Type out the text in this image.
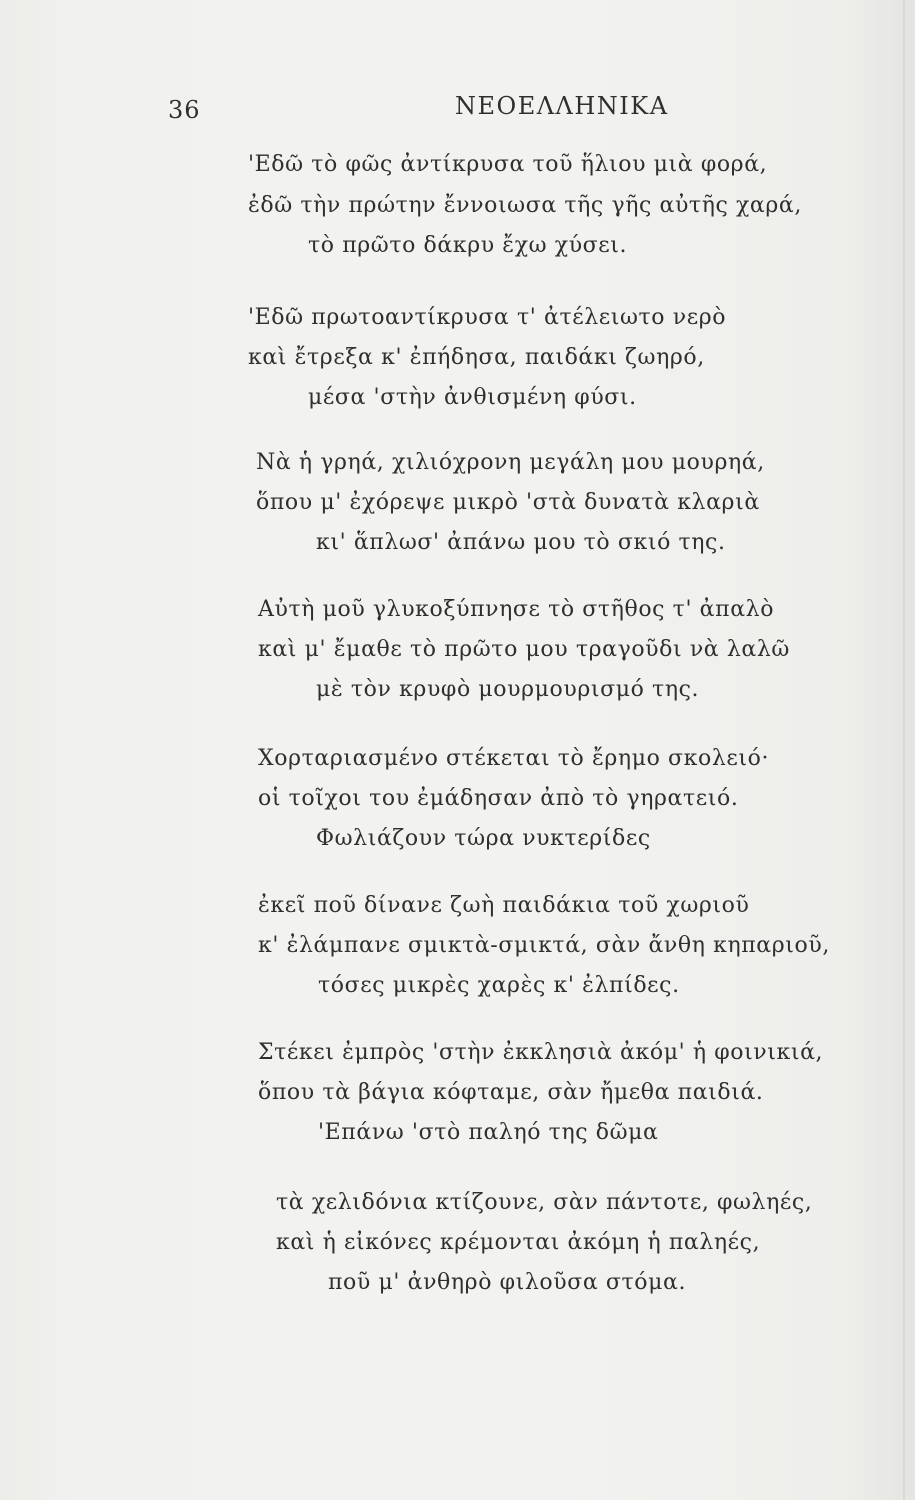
36	ΝΕΟΕΛΛΗΝΙΚΑ
'Εδῶ τὸ φῶς ἀντίκρυσα τοῦ ἥλιου μιὰ φορά,
ἐδῶ τὴν πρώτην ἔννοιωσα τῆς γῆς αὐτῆς χαρά,
τὸ πρῶτο δάκρυ ἔχω χύσει.
'Εδῶ πρωτοαντίκρυσα τ' ἀτέλειωτο νερὸ
καὶ ἔτρεξα κ' ἐπήδησα, παιδάκι ζωηρό,
μέσα 'στὴν ἀνθισμένη φύσι.
Νὰ ἡ γρηά, χιλιόχρονη μεγάλη μου μουρηά,
ὅπου μ' ἐχόρεψε μικρὸ 'στὰ δυνατὰ κλαριὰ
κι' ἅπλωσ' ἀπάνω μου τὸ σκιό της.
Αὐτὴ μοῦ γλυκοξύπνησε τὸ στῆθος τ' ἀπαλὸ
καὶ μ' ἔμαθε τὸ πρῶτο μου τραγοῦδι νὰ λαλῶ
μὲ τὸν κρυφὸ μουρμουρισμό της.
Χορταριασμένο στέκεται τὸ ἔρημο σκολειό·
οἱ τοῖχοι του ἐμάδησαν ἀπὸ τὸ γηρατειό.
Φωλιάζουν τώρα νυκτερίδες
ἐκεῖ ποῦ δίνανε ζωὴ παιδάκια τοῦ χωριοῦ
κ' ἐλάμπανε σμικτὰ-σμικτά, σὰν ἄνθη κηπαριοῦ,
τόσες μικρὲς χαρὲς κ' ἐλπίδες.
Στέκει ἐμπρὸς 'στὴν ἐκκλησιὰ ἀκόμ' ἡ φοινικιά,
ὅπου τὰ βάγια κόφταμε, σὰν ἤμεθα παιδιά.
'Επάνω 'στὸ παληό της δῶμα
τὰ χελιδόνια κτίζουνε, σὰν πάντοτε, φωληές,
καὶ ἡ εἰκόνες κρέμονται ἀκόμη ἡ παληές,
ποῦ μ' ἀνθηρὸ φιλοῦσα στόμα.
